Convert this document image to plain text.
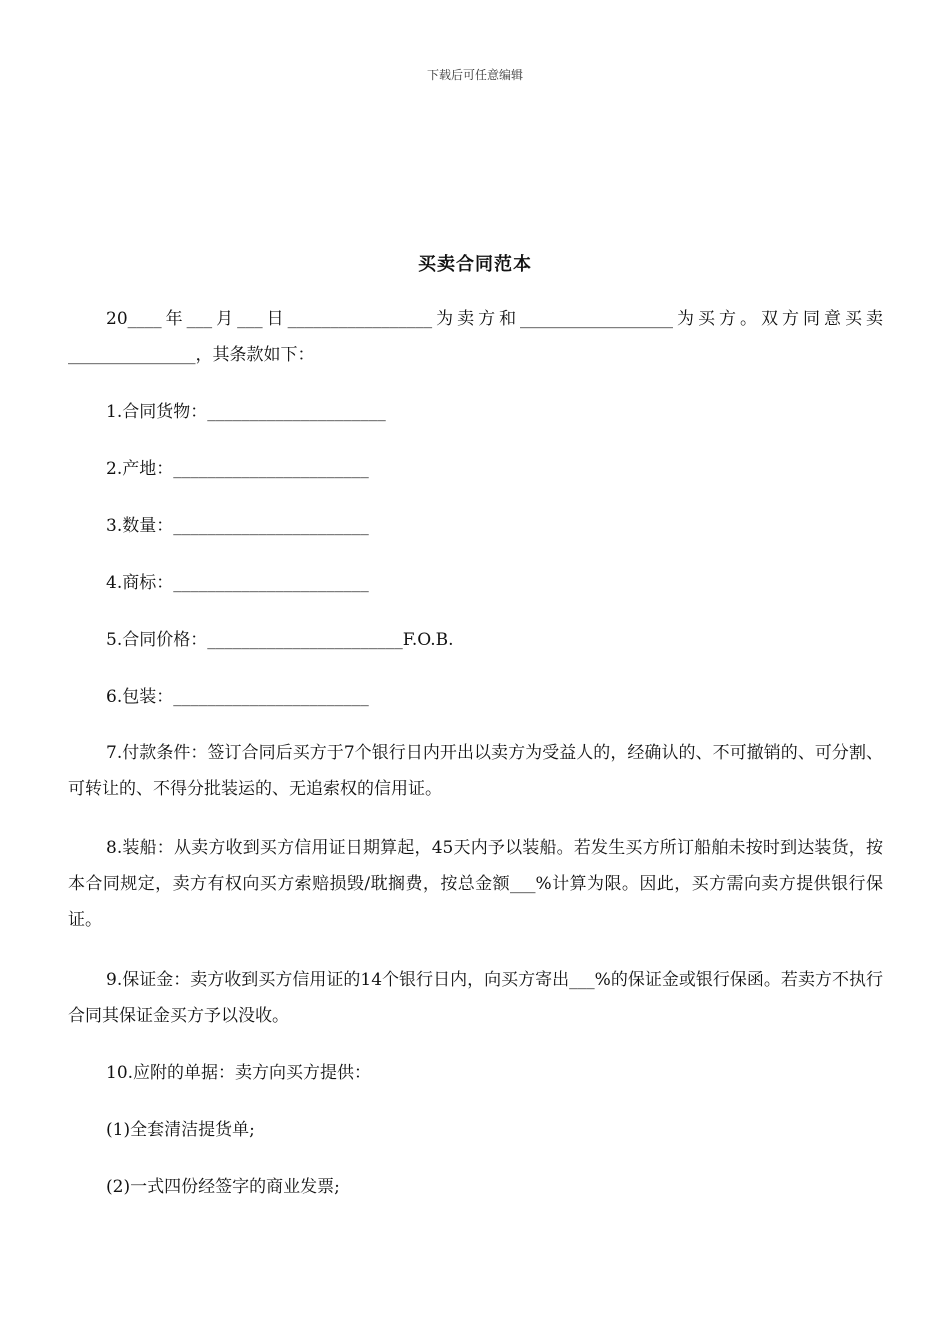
下载后可任意编辑
买卖合同范本
20____年___月___日_________________为卖方和__________________为买方。双方同意买卖_______________，其条款如下：
1.合同货物：_____________________
2.产地：_______________________
3.数量：_______________________
4.商标：_______________________
5.合同价格：_______________________F.O.B.
6.包装：_______________________
7.付款条件：签订合同后买方于7个银行日内开出以卖方为受益人的，经确认的、不可撤销的、可分割、可转让的、不得分批装运的、无追索权的信用证。
8.装船：从卖方收到买方信用证日期算起，45天内予以装船。若发生买方所订船舶未按时到达装货，按本合同规定，卖方有权向买方索赔损毁/耽搁费，按总金额___%计算为限。因此，买方需向卖方提供银行保证。
9.保证金：卖方收到买方信用证的14个银行日内，向买方寄出___%的保证金或银行保函。若卖方不执行合同其保证金买方予以没收。
10.应附的单据：卖方向买方提供：
(1)全套清洁提货单;
(2)一式四份经签字的商业发票;
